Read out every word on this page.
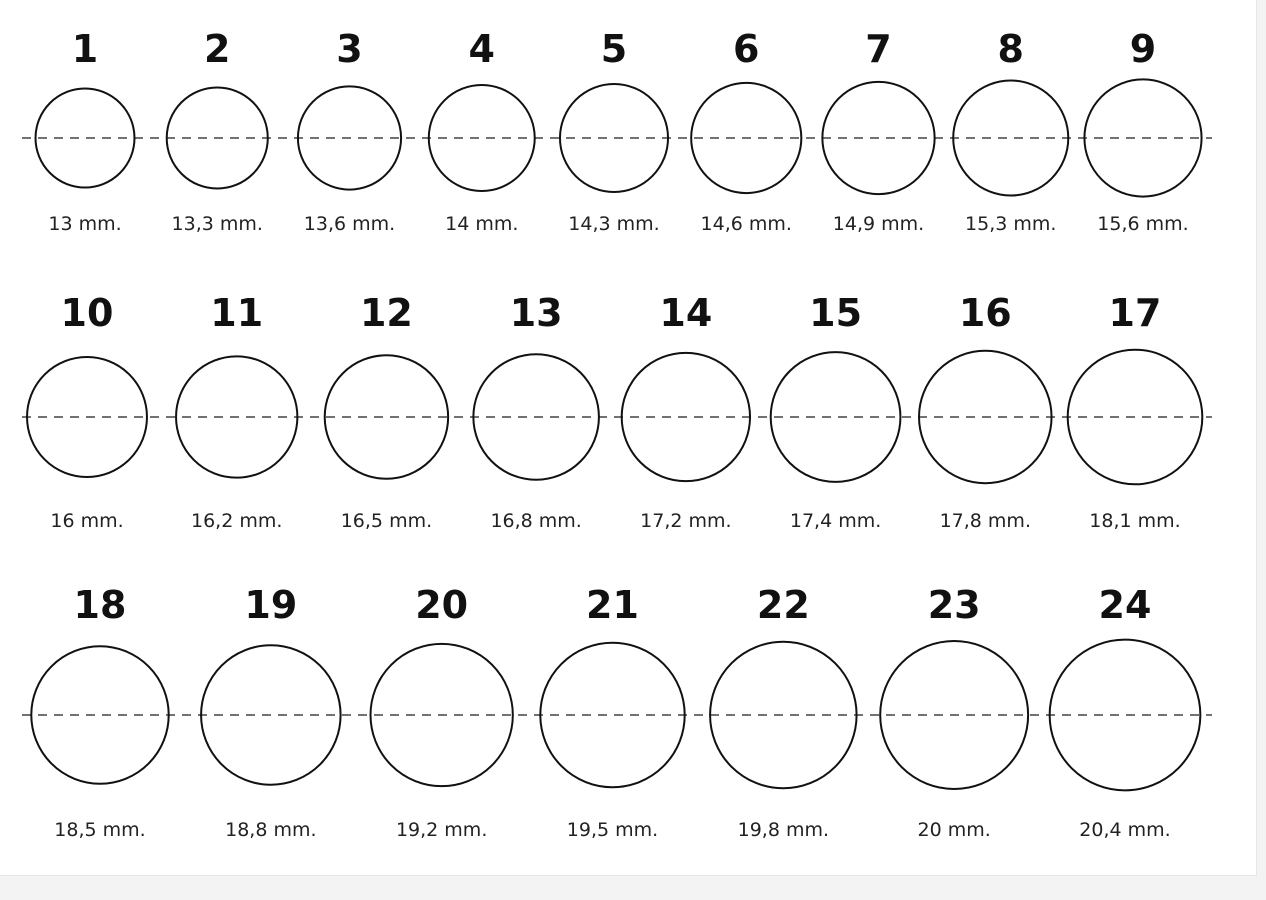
1
13 mm.
2
13,3 mm.
3
13,6 mm.
4
14 mm.
5
14,3 mm.
6
14,6 mm.
7
14,9 mm.
8
15,3 mm.
9
15,6 mm.
10
16 mm.
11
16,2 mm.
12
16,5 mm.
13
16,8 mm.
14
17,2 mm.
15
17,4 mm.
16
17,8 mm.
17
18,1 mm.
18
18,5 mm.
19
18,8 mm.
20
19,2 mm.
21
19,5 mm.
22
19,8 mm.
23
20 mm.
24
20,4 mm.
